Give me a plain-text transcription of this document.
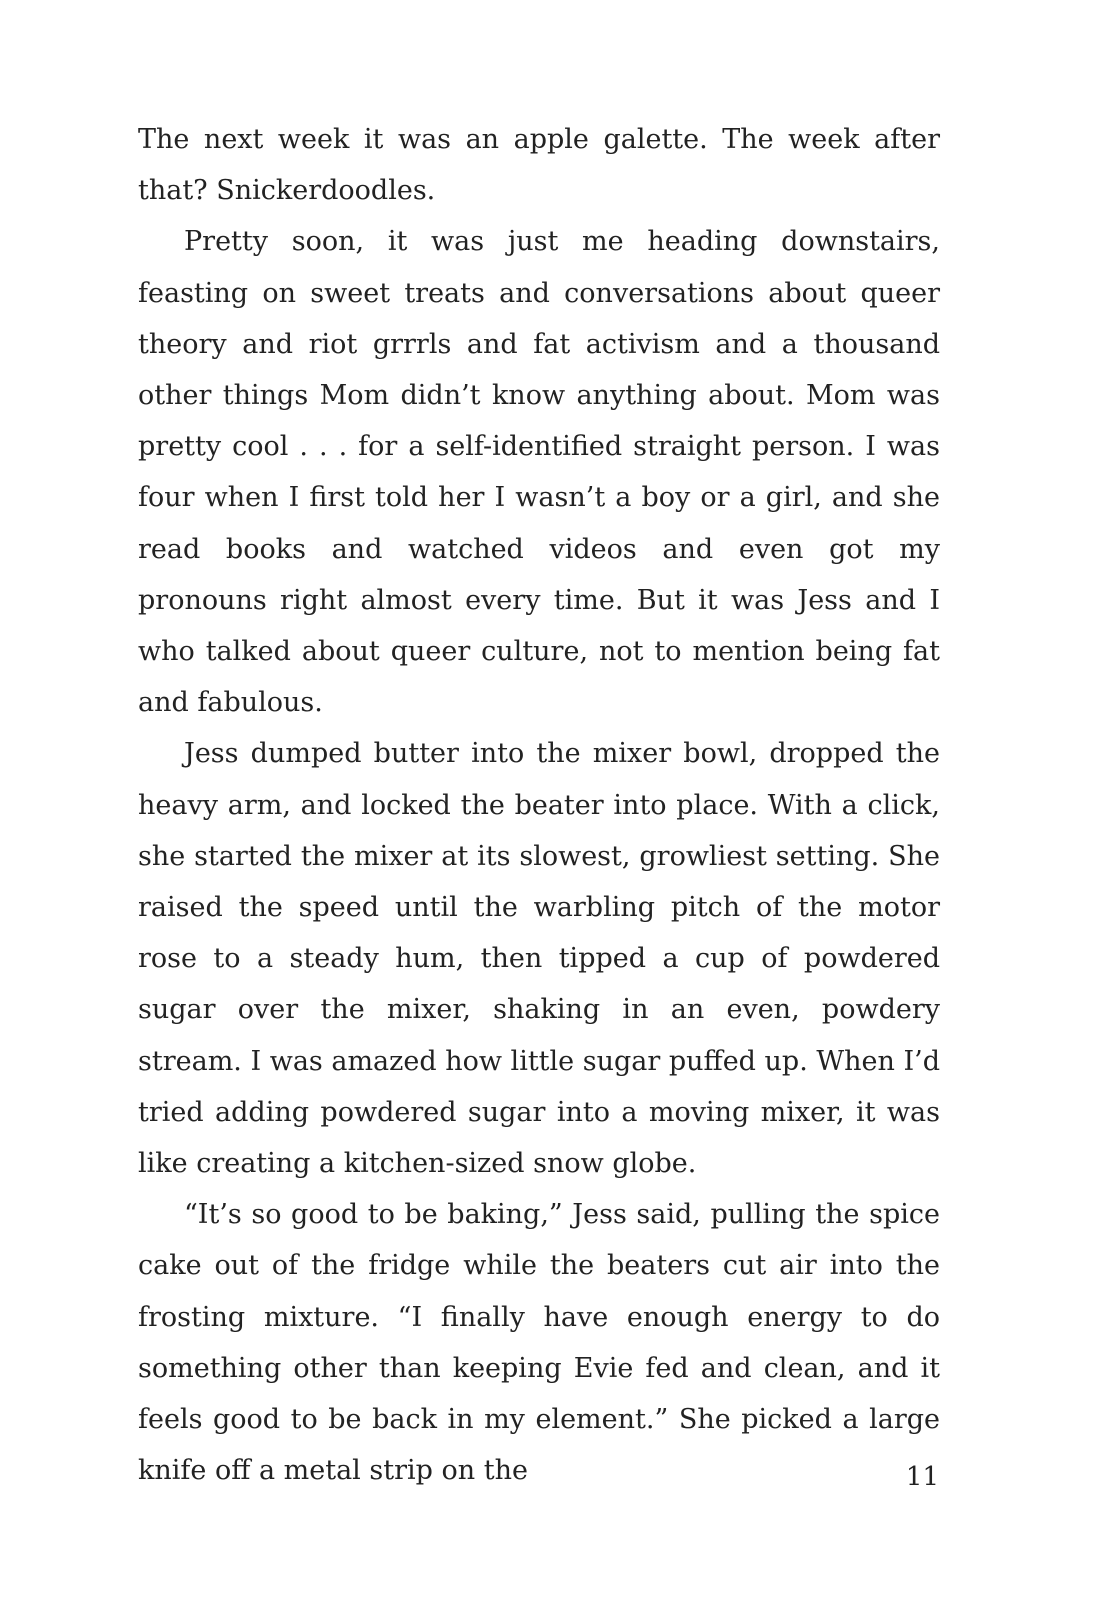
The next week it was an apple galette. The week after that? Snickerdoodles.

Pretty soon, it was just me heading downstairs, feasting on sweet treats and conversations about queer theory and riot grrrls and fat activism and a thousand other things Mom didn’t know anything about. Mom was pretty cool . . . for a self-identified straight person. I was four when I first told her I wasn’t a boy or a girl, and she read books and watched videos and even got my pronouns right almost every time. But it was Jess and I who talked about queer culture, not to mention being fat and fabulous.

Jess dumped butter into the mixer bowl, dropped the heavy arm, and locked the beater into place. With a click, she started the mixer at its slowest, growliest setting. She raised the speed until the warbling pitch of the motor rose to a steady hum, then tipped a cup of powdered sugar over the mixer, shaking in an even, powdery stream. I was amazed how little sugar puffed up. When I’d tried adding powdered sugar into a moving mixer, it was like creating a kitchen-sized snow globe.

“It’s so good to be baking,” Jess said, pulling the spice cake out of the fridge while the beaters cut air into the frosting mixture. “I finally have enough energy to do something other than keeping Evie fed and clean, and it feels good to be back in my element.” She picked a large knife off a metal strip on the	11
